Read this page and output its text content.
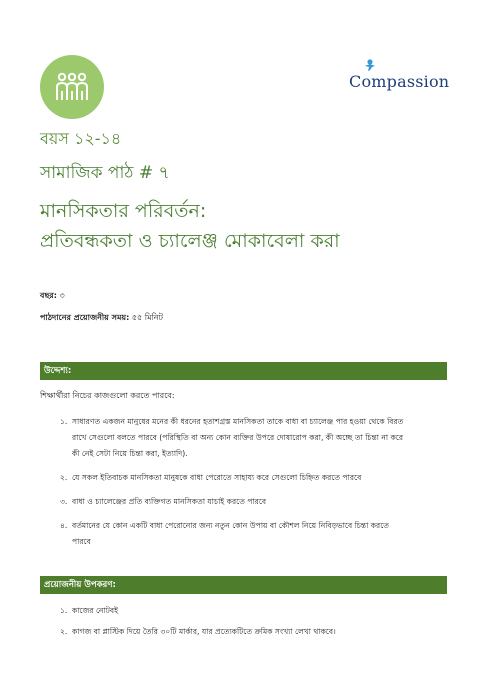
Compassion
বয়স ১২-১৪
সামাজিক পাঠ # ৭
মানসিকতার পরিবর্তন:
প্রতিবন্ধকতা ও চ্যালেঞ্জ মোকাবেলা করা
বছর: ৩
পাঠদানের প্রয়োজনীয় সময়: ৫৫ মিনিট
উদ্দেশ্য:
শিক্ষার্থীরা নিচের কাজগুলো করতে পারবে:
১. সাধারণত একজন মানুষের মনের কী ধরনের হতাশগ্রস্ত মানসিকতা তাকে বাধা বা চ্যালেঞ্জ পার হওয়া থেকে বিরত
রাখে সেগুলো বলতে পারবে (পরিস্থিতি বা অন্য কোন ব্যক্তির উপরে দোষারোপ করা, কী অচ্ছে তা চিন্তা না করে
কী নেই সেটা নিয়ে চিন্তা করা, ইত্যাদি).
২. যে সকল ইতিবাচক মানসিকতা মানুষকে বাধা পেরোতে সাহায্য করে সেগুলো চিহ্নিত করতে পারবে
৩. বাধা ও চ্যালেঞ্জের প্রতি ব্যক্তিগত মানসিকতা যাচাই করতে পারবে
৪. বর্তমানের যে কোন একটি বাধা পেরোনোর জন্য নতুন কোন উপায় বা কৌশল নিয়ে নিবিড়ভাবে চিন্তা করতে
পারবে
প্রয়োজনীয় উপকরণ:
১. কাজের নোটবই
২. কাগজ বা প্লাস্টিক দিয়ে তৈরি ৩০টি মার্কার, যার প্রত্যেকটিতে ক্রমিক সংখ্যা লেখা থাকবে।
